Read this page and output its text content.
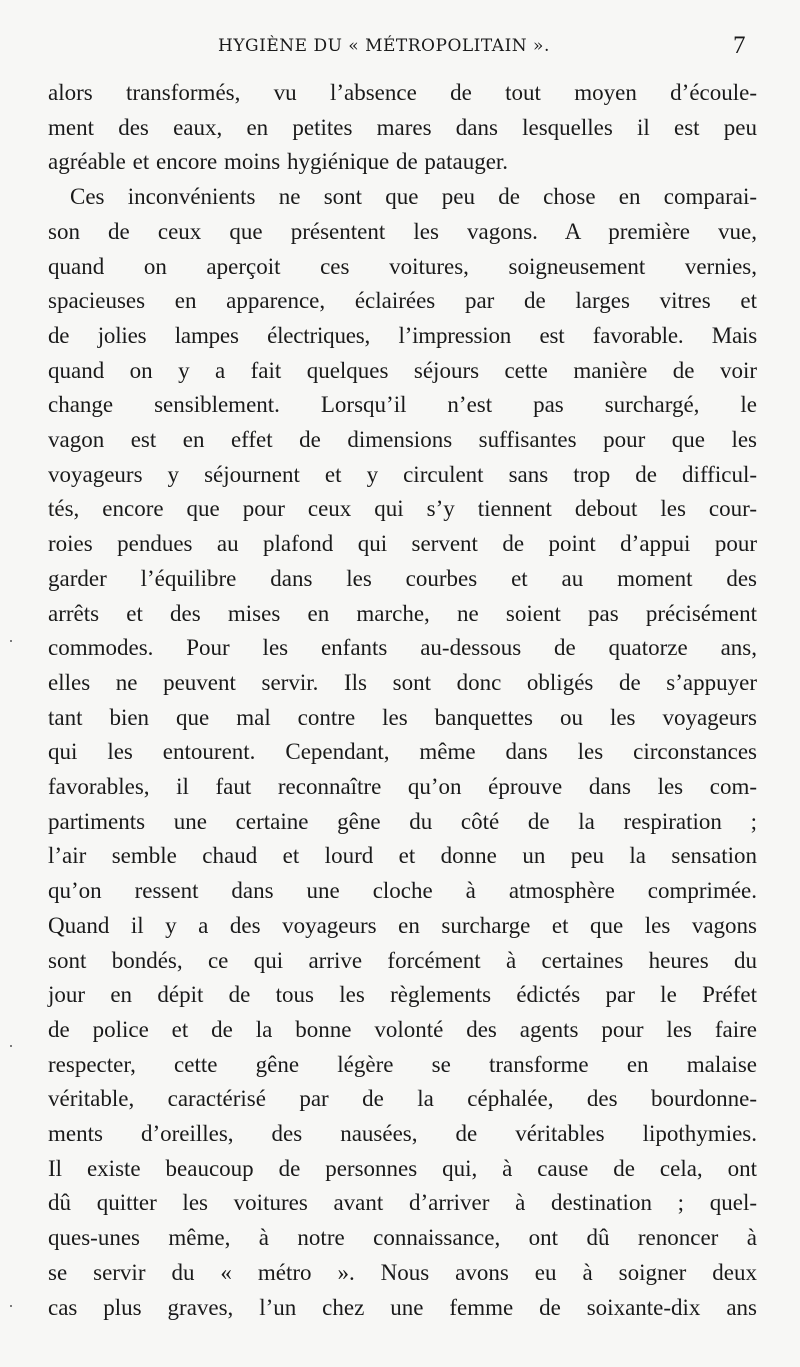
HYGIÈNE DU « MÉTROPOLITAIN ».	7
alors transformés, vu l’absence de tout moyen d’écoule-
ment des eaux, en petites mares dans lesquelles il est peu
agréable et encore moins hygiénique de patauger.
Ces inconvénients ne sont que peu de chose en comparai-
son de ceux que présentent les vagons. A première vue,
quand on aperçoit ces voitures, soigneusement vernies,
spacieuses en apparence, éclairées par de larges vitres et
de jolies lampes électriques, l’impression est favorable. Mais
quand on y a fait quelques séjours cette manière de voir
change sensiblement. Lorsqu’il n’est pas surchargé, le
vagon est en effet de dimensions suffisantes pour que les
voyageurs y séjournent et y circulent sans trop de difficul-
tés, encore que pour ceux qui s’y tiennent debout les cour-
roies pendues au plafond qui servent de point d’appui pour
garder l’équilibre dans les courbes et au moment des
arrêts et des mises en marche, ne soient pas précisément
commodes. Pour les enfants au-dessous de quatorze ans,
elles ne peuvent servir. Ils sont donc obligés de s’appuyer
tant bien que mal contre les banquettes ou les voyageurs
qui les entourent. Cependant, même dans les circonstances
favorables, il faut reconnaître qu’on éprouve dans les com-
partiments une certaine gêne du côté de la respiration ;
l’air semble chaud et lourd et donne un peu la sensation
qu’on ressent dans une cloche à atmosphère comprimée.
Quand il y a des voyageurs en surcharge et que les vagons
sont bondés, ce qui arrive forcément à certaines heures du
jour en dépit de tous les règlements édictés par le Préfet
de police et de la bonne volonté des agents pour les faire
respecter, cette gêne légère se transforme en malaise
véritable, caractérisé par de la céphalée, des bourdonne-
ments d’oreilles, des nausées, de véritables lipothymies.
Il existe beaucoup de personnes qui, à cause de cela, ont
dû quitter les voitures avant d’arriver à destination ; quel-
ques-unes même, à notre connaissance, ont dû renoncer à
se servir du « métro ». Nous avons eu à soigner deux
cas plus graves, l’un chez une femme de soixante-dix ans
